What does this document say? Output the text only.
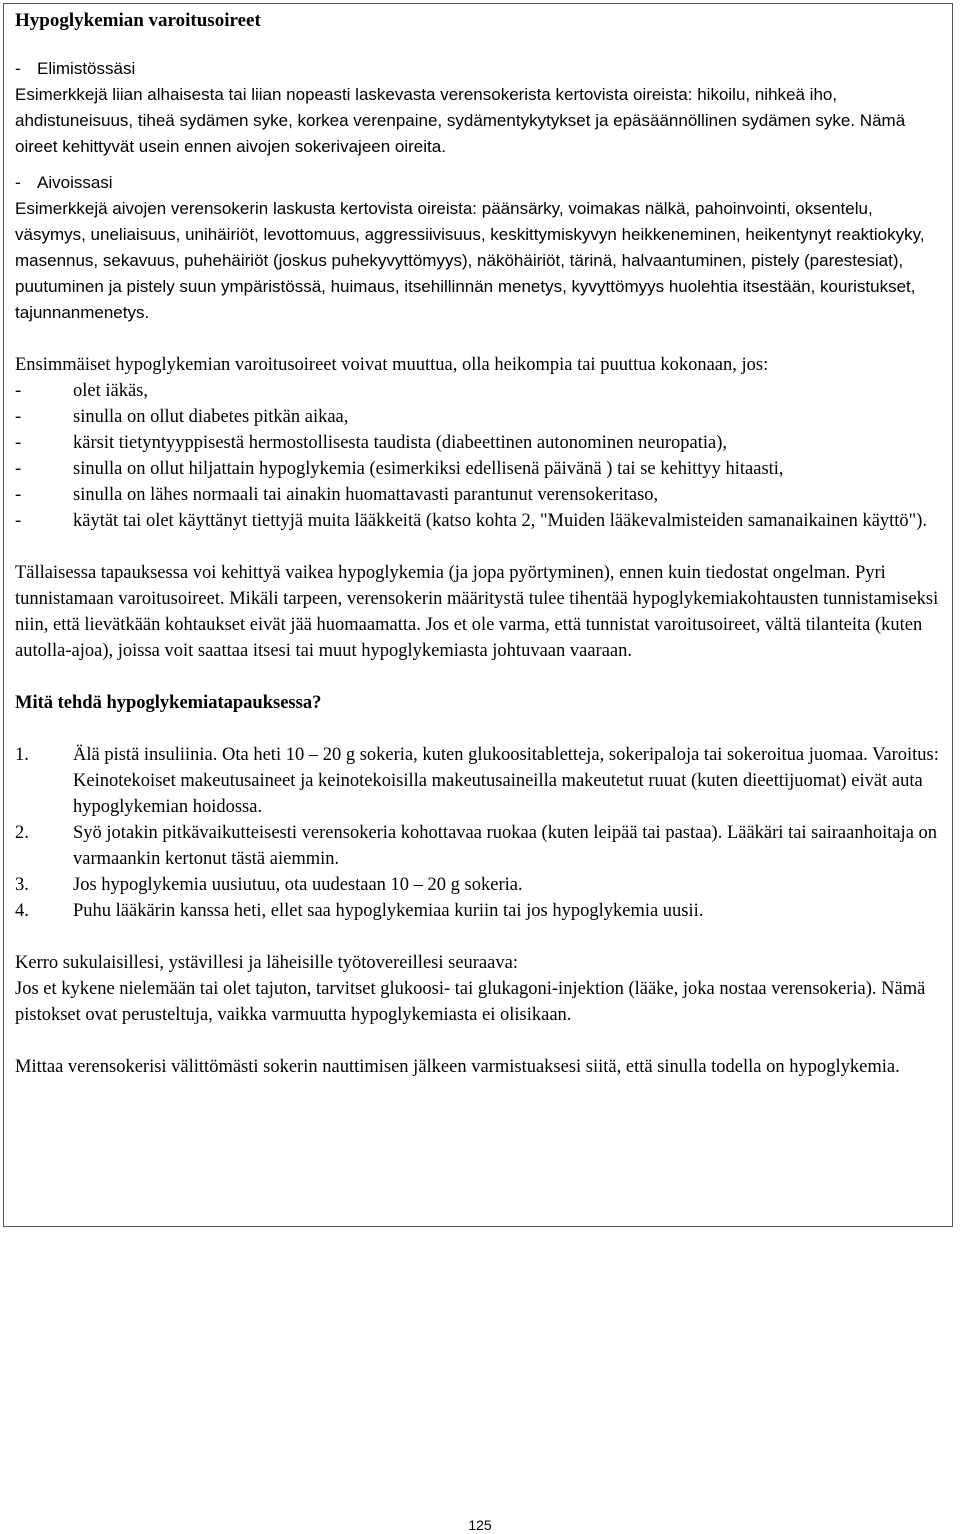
Hypoglykemian varoitusoireet

- Elimistössäsi

Esimerkkejä liian alhaisesta tai liian nopeasti laskevasta verensokerista kertovista oireista: hikoilu, nihkeä iho, ahdistuneisuus, tiheä sydämen syke, korkea verenpaine, sydämentykytykset ja epäsäännöllinen sydämen syke. Nämä oireet kehittyvät usein ennen aivojen sokerivajeen oireita.

- Aivoissasi

Esimerkkejä aivojen verensokerin laskusta kertovista oireista: päänsärky, voimakas nälkä, pahoinvointi, oksentelu, väsymys, uneliaisuus, unihäiriöt, levottomuus, aggressiivisuus, keskittymiskyvyn heikkeneminen, heikentynyt reaktiokyky, masennus, sekavuus, puhehäiriöt (joskus puhekyvyttömyys), näköhäiriöt, tärinä, halvaantuminen, pistely (parestesiat), puutuminen ja pistely suun ympäristössä, huimaus, itsehillinnän menetys, kyvyttömyys huolehtia itsestään, kouristukset, tajunnanmenetys.

Ensimmäiset hypoglykemian varoitusoireet voivat muuttua, olla heikompia tai puuttua kokonaan, jos:

-	olet iäkäs,
-	sinulla on ollut diabetes pitkän aikaa,
-	kärsit tietyntyyppisestä hermostollisesta taudista (diabeettinen autonominen neuropatia),
-	sinulla on ollut hiljattain hypoglykemia (esimerkiksi edellisenä päivänä ) tai se kehittyy hitaasti,
-	sinulla on lähes normaali tai ainakin huomattavasti parantunut verensokeritaso,
-	käytät tai olet käyttänyt tiettyjä muita lääkkeitä (katso kohta 2, "Muiden lääkevalmisteiden samanaikainen käyttö").

Tällaisessa tapauksessa voi kehittyä vaikea hypoglykemia (ja jopa pyörtyminen), ennen kuin tiedostat ongelman. Pyri tunnistamaan varoitusoireet. Mikäli tarpeen, verensokerin määritystä tulee tihentää hypoglykemiakohtausten tunnistamiseksi niin, että lievätkään kohtaukset eivät jää huomaamatta. Jos et ole varma, että tunnistat varoitusoireet, vältä tilanteita (kuten autolla-ajoa), joissa voit saattaa itsesi tai muut hypoglykemiasta johtuvaan vaaraan.

Mitä tehdä hypoglykemiatapauksessa?

1.	Älä pistä insuliinia. Ota heti 10 – 20 g sokeria, kuten glukoositabletteja, sokeripaloja tai sokeroitua juomaa. Varoitus: Keinotekoiset makeutusaineet ja keinotekoisilla makeutusaineilla makeutetut ruuat (kuten dieettijuomat) eivät auta hypoglykemian hoidossa.
2.	Syö jotakin pitkävaikutteisesti verensokeria kohottavaa ruokaa (kuten leipää tai pastaa). Lääkäri tai sairaanhoitaja on varmaankin kertonut tästä aiemmin.
3.	Jos hypoglykemia uusiutuu, ota uudestaan 10 – 20 g sokeria.
4.	Puhu lääkärin kanssa heti, ellet saa hypoglykemiaa kuriin tai jos hypoglykemia uusii.

Kerro sukulaisillesi, ystävillesi ja läheisille työtovereillesi seuraava:

Jos et kykene nielemään tai olet tajuton, tarvitset glukoosi- tai glukagoni-injektion (lääke, joka nostaa verensokeria). Nämä pistokset ovat perusteltuja, vaikka varmuutta hypoglykemiasta ei olisikaan.

Mittaa verensokerisi välittömästi sokerin nauttimisen jälkeen varmistuaksesi siitä, että sinulla todella on hypoglykemia.

125
